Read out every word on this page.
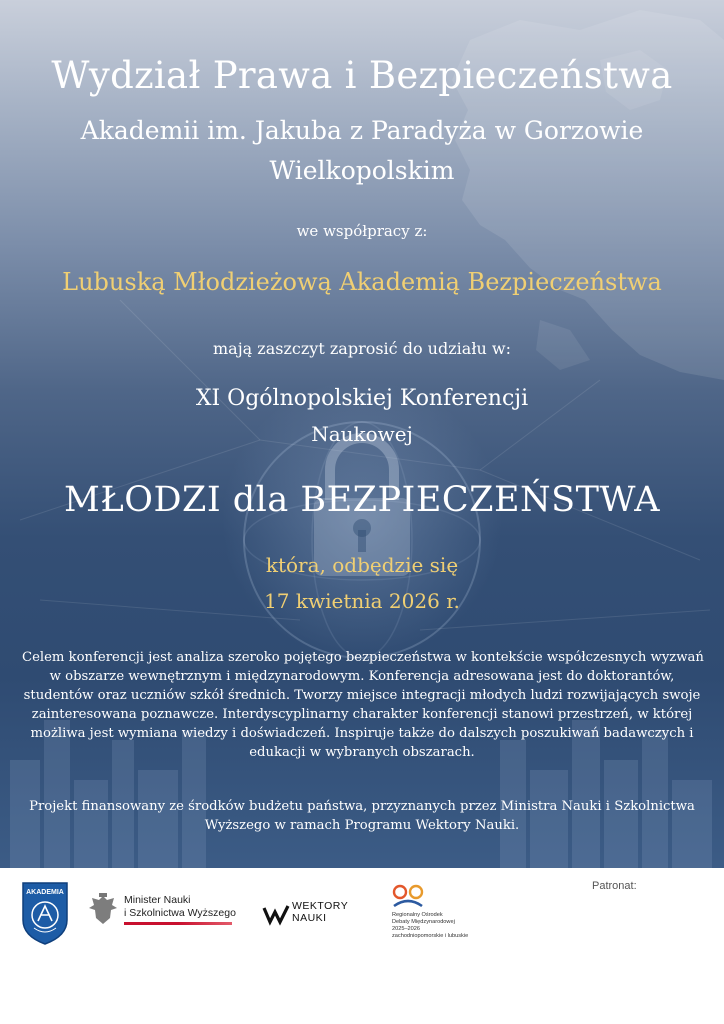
Wydział Prawa i Bezpieczeństwa
Akademii im. Jakuba z Paradyża w Gorzowie
Wielkopolskim
we współpracy z:
Lubuską Młodzieżową Akademią Bezpieczeństwa
mają zaszczyt zaprosić do udziału w:
XI Ogólnopolskiej Konferencji
Naukowej
MŁODZI dla BEZPIECZEŃSTWA
która, odbędzie się
17 kwietnia 2026 r.
Celem konferencji jest analiza szeroko pojętego bezpieczeństwa w kontekście współczesnych wyzwań
w obszarze wewnętrznym i międzynarodowym. Konferencja adresowana jest do doktorantów,
studentów oraz uczniów szkół średnich. Tworzy miejsce integracji młodych ludzi rozwijających swoje
zainteresowana poznawcze. Interdyscyplinarny charakter konferencji stanowi przestrzeń, w której
możliwa jest wymiana wiedzy i doświadczeń. Inspiruje także do dalszych poszukiwań badawczych i
edukacji w wybranych obszarach.
Projekt finansowany ze środków budżetu państwa, przyznanych przez Ministra Nauki i Szkolnictwa
Wyższego w ramach Programu Wektory Nauki.
Patronat:
AKADEMIA
Minister Nauki
i Szkolnictwa Wyższego
WEKTORY
NAUKI	Regionalny Ośrodek
Debaty Międzynarodowej
2025–2026
zachodniopomorskie i lubuskie
